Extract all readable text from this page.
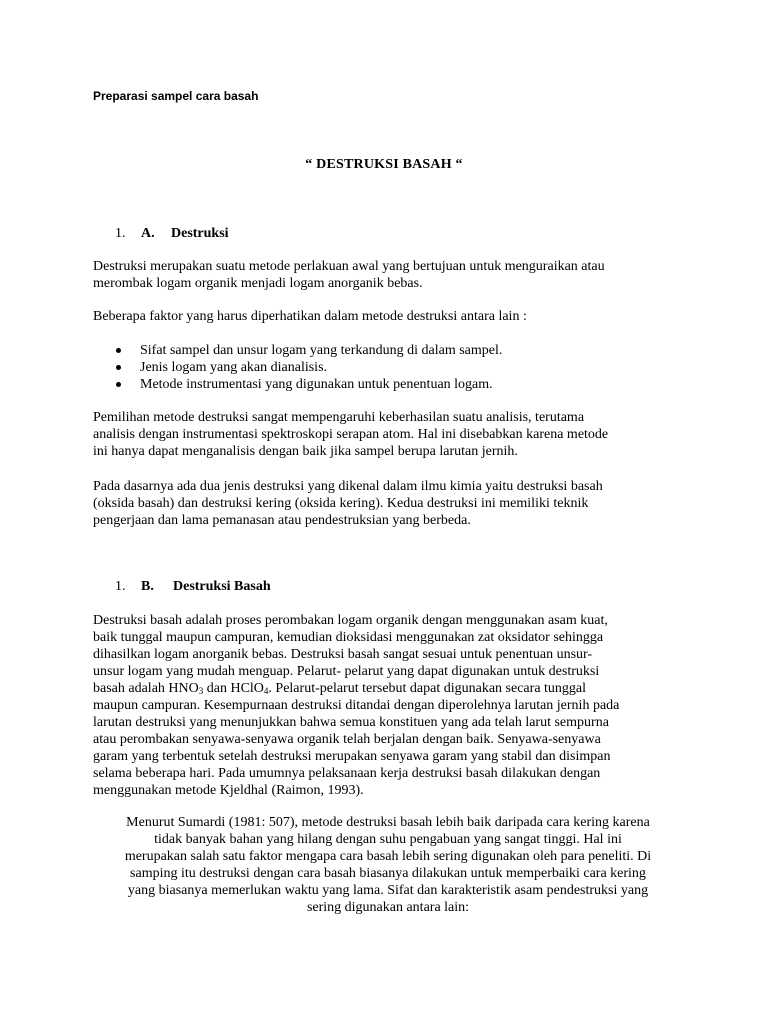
Preparasi sampel cara basah
“ DESTRUKSI BASAH “
1. A. Destruksi

Destruksi merupakan suatu metode perlakuan awal yang bertujuan untuk menguraikan atau

merombak logam organik menjadi logam anorganik bebas.

Beberapa faktor yang harus diperhatikan dalam metode destruksi antara lain :

Sifat sampel dan unsur logam yang terkandung di dalam sampel.
Jenis logam yang akan dianalisis.
Metode instrumentasi yang digunakan untuk penentuan logam.

Pemilihan metode destruksi sangat mempengaruhi keberhasilan suatu analisis, terutama

analisis dengan instrumentasi spektroskopi serapan atom. Hal ini disebabkan karena metode

ini hanya dapat menganalisis dengan baik jika sampel berupa larutan jernih.

Pada dasarnya ada dua jenis destruksi yang dikenal dalam ilmu kimia yaitu destruksi basah

(oksida basah) dan destruksi kering (oksida kering). Kedua destruksi ini memiliki teknik

pengerjaan dan lama pemanasan atau pendestruksian yang berbeda.

1. B. Destruksi Basah

Destruksi basah adalah proses perombakan logam organik dengan menggunakan asam kuat,

baik tunggal maupun campuran, kemudian dioksidasi menggunakan zat oksidator sehingga

dihasilkan logam anorganik bebas. Destruksi basah sangat sesuai untuk penentuan unsur-

unsur logam yang mudah menguap. Pelarut- pelarut yang dapat digunakan untuk destruksi

basah adalah $HNO_3$ dan HClO$_4$. Pelarut-pelarut tersebut dapat digunakan secara tunggal

maupun campuran. Kesempurnaan destruksi ditandai dengan diperolehnya larutan jernih pada

larutan destruksi yang menunjukkan bahwa semua konstituen yang ada telah larut sempurna

atau perombakan senyawa-senyawa organik telah berjalan dengan baik. Senyawa-senyawa

garam yang terbentuk setelah destruksi merupakan senyawa garam yang stabil dan disimpan

selama beberapa hari. Pada umumnya pelaksanaan kerja destruksi basah dilakukan dengan

menggunakan metode Kjeldhal (Raimon, 1993).

Menurut Sumardi (1981: 507), metode destruksi basah lebih baik daripada cara kering karena

tidak banyak bahan yang hilang dengan suhu pengabuan yang sangat tinggi. Hal ini

merupakan salah satu faktor mengapa cara basah lebih sering digunakan oleh para peneliti. Di

samping itu destruksi dengan cara basah biasanya dilakukan untuk memperbaiki cara kering

yang biasanya memerlukan waktu yang lama. Sifat dan karakteristik asam pendestruksi yang

sering digunakan antara lain:
